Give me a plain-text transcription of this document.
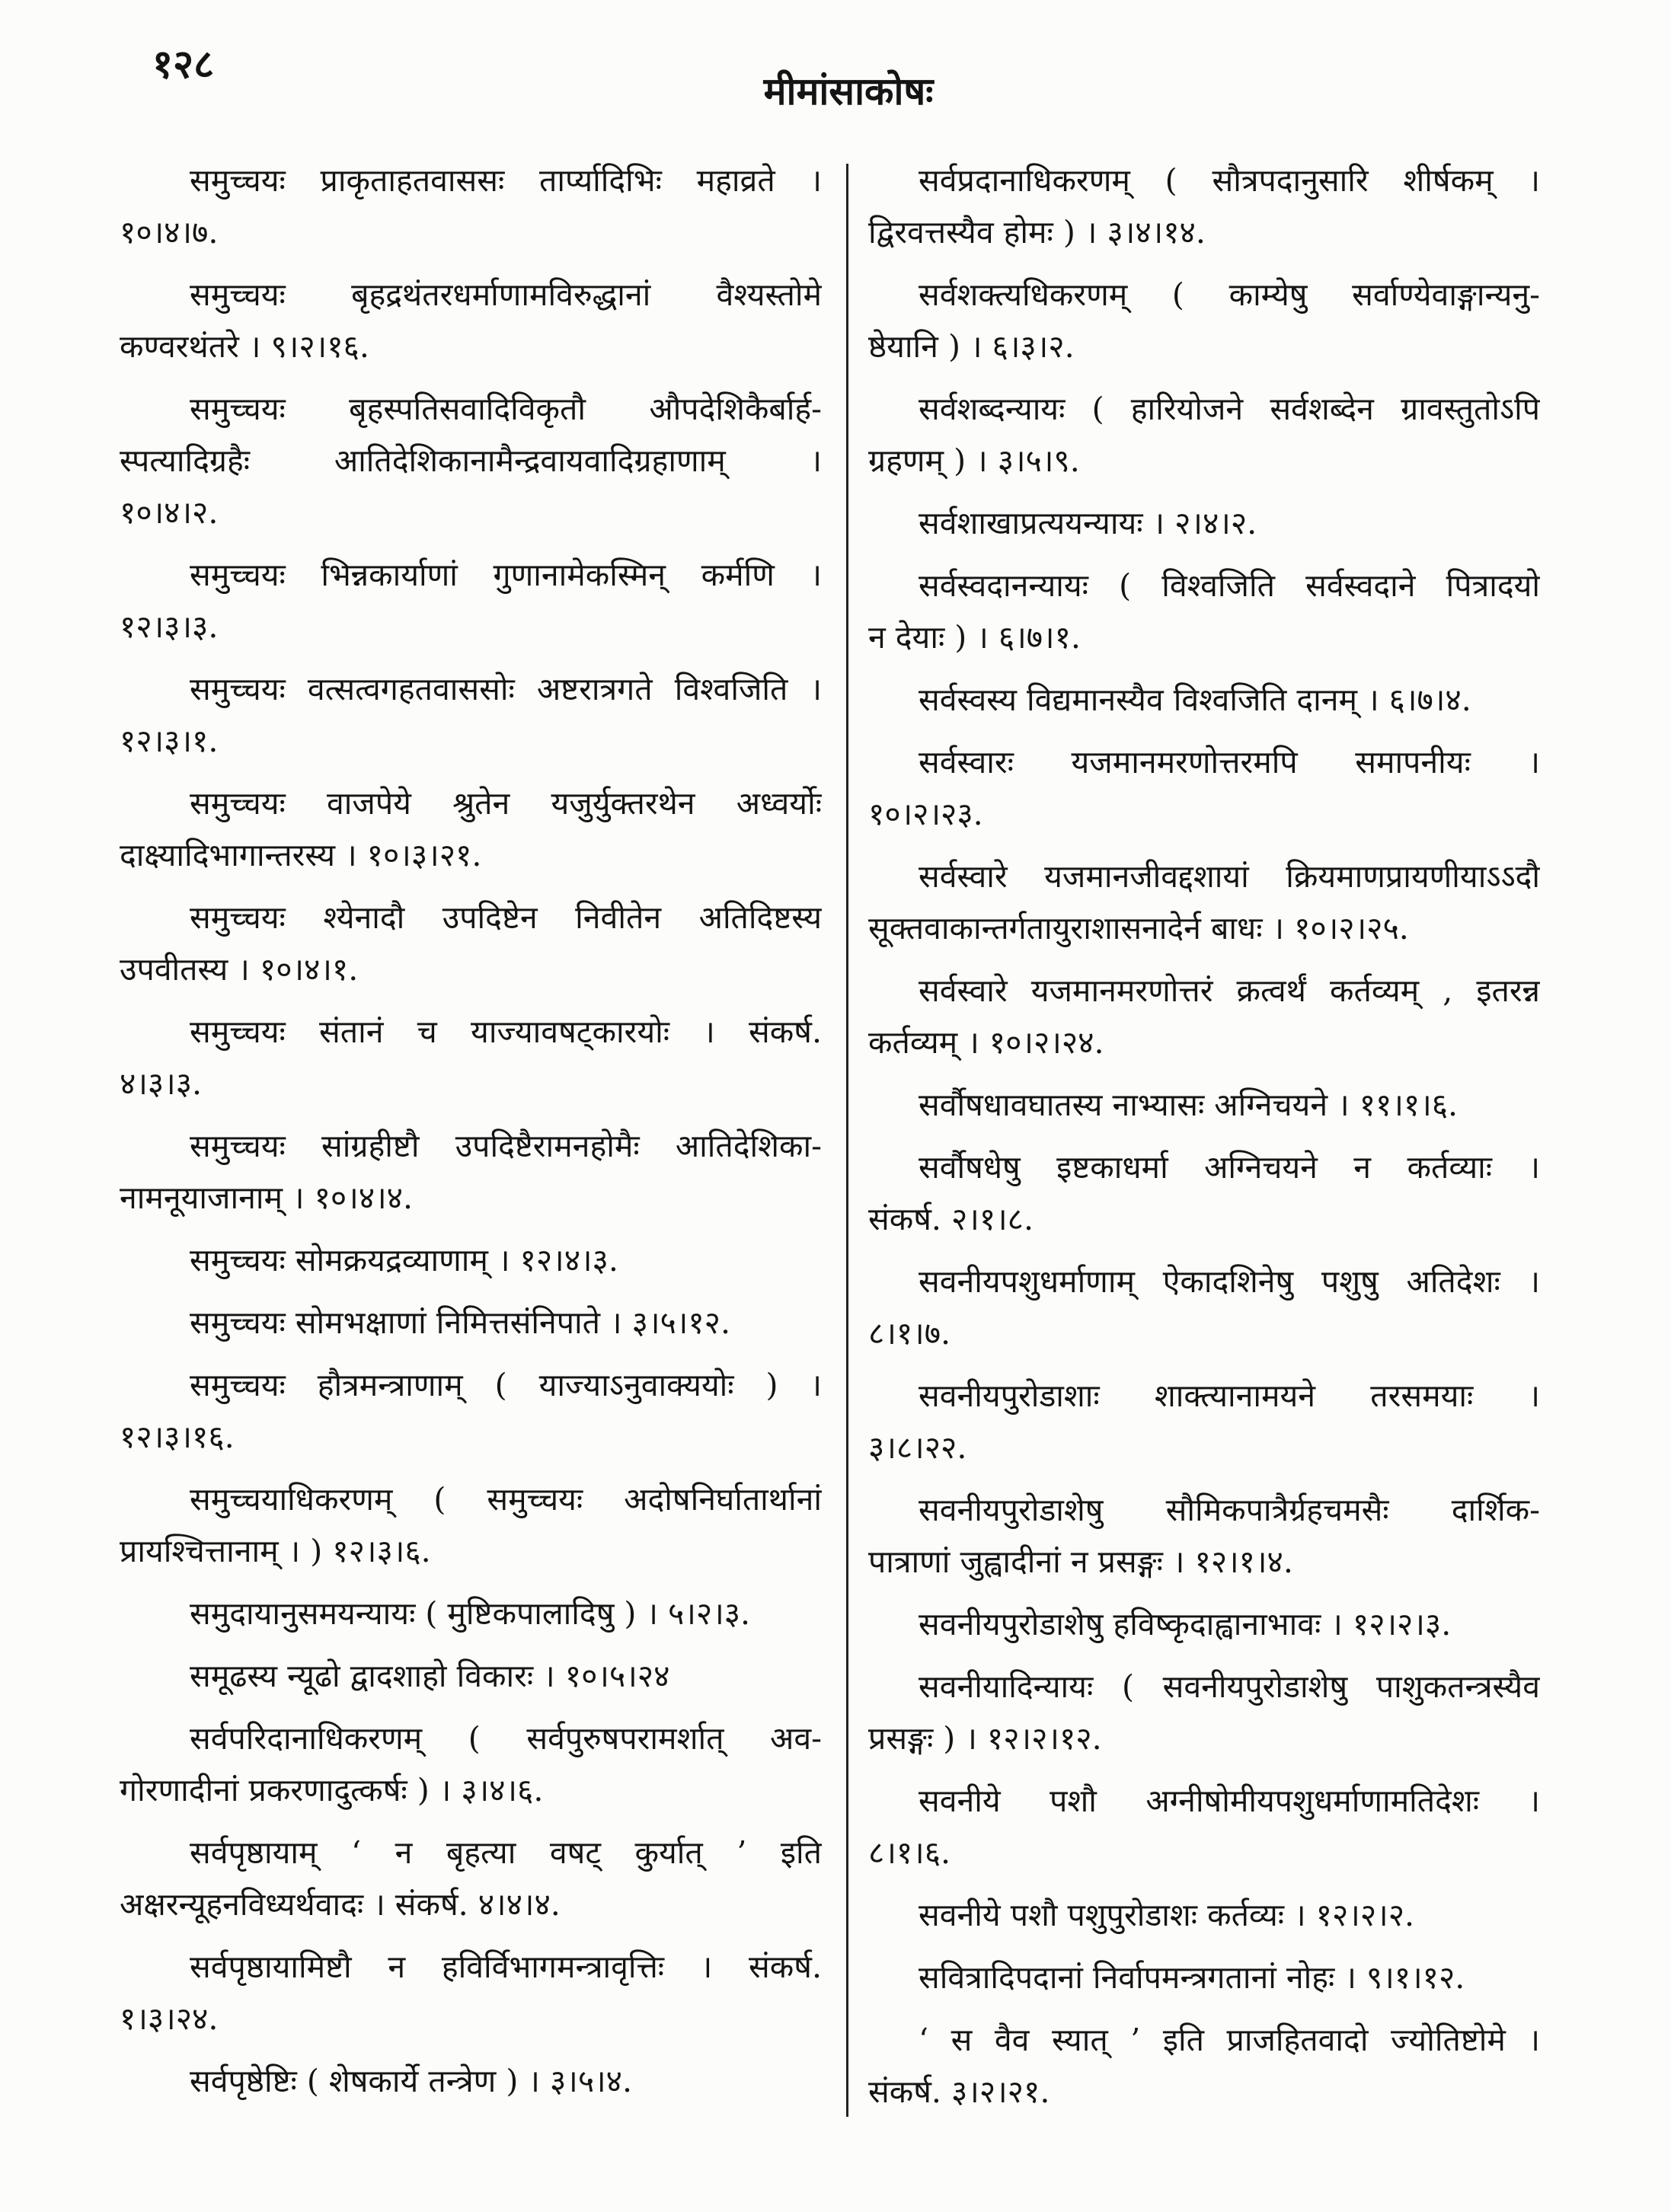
१२८
मीमांसाकोषः
समुच्चयः प्राकृताहतवाससः तार्प्यादिभिः महाव्रते ।
१०।४।७.
समुच्चयः बृहद्रथंतरधर्माणामविरुद्धानां वैश्यस्तोमे
कण्वरथंतरे । ९।२।१६.
समुच्चयः बृहस्पतिसवादिविकृतौ औपदेशिकैर्बार्ह-
स्पत्यादिग्रहैः आतिदेशिकानामैन्द्रवायवादिग्रहाणाम् ।
१०।४।२.
समुच्चयः भिन्नकार्याणां गुणानामेकस्मिन् कर्मणि ।
१२।३।३.
समुच्चयः वत्सत्वगहतवाससोः अष्टरात्रगते विश्वजिति ।
१२।३।१.
समुच्चयः वाजपेये श्रुतेन यजुर्युक्तरथेन अध्वर्योः
दाक्ष्यादिभागान्तरस्य । १०।३।२१.
समुच्चयः श्येनादौ उपदिष्टेन निवीतेन अतिदिष्टस्य
उपवीतस्य । १०।४।१.
समुच्चयः संतानं च याज्यावषट्कारयोः । संकर्ष.
४।३।३.
समुच्चयः सांग्रहीष्टौ उपदिष्टैरामनहोमैः आतिदेशिका-
नामनूयाजानाम् । १०।४।४.
समुच्चयः सोमक्रयद्रव्याणाम् । १२।४।३.
समुच्चयः सोमभक्षाणां निमित्तसंनिपाते । ३।५।१२.
समुच्चयः हौत्रमन्त्राणाम् ( याज्याऽनुवाक्ययोः ) ।
१२।३।१६.
समुच्चयाधिकरणम् ( समुच्चयः अदोषनिर्घातार्थानां
प्रायश्चित्तानाम् । ) १२।३।६.
समुदायानुसमयन्यायः ( मुष्टिकपालादिषु ) । ५।२।३.
समूढस्य न्यूढो द्वादशाहो विकारः । १०।५।२४
सर्वपरिदानाधिकरणम् ( सर्वपुरुषपरामर्शात् अव-
गोरणादीनां प्रकरणादुत्कर्षः ) । ३।४।६.
सर्वपृष्ठायाम् ‘ न बृहत्या वषट् कुर्यात् ’ इति
अक्षरन्यूहनविध्यर्थवादः । संकर्ष. ४।४।४.
सर्वपृष्ठायामिष्टौ न हविर्विभागमन्त्रावृत्तिः । संकर्ष.
१।३।२४.
सर्वपृष्ठेष्टिः ( शेषकार्ये तन्त्रेण ) । ३।५।४.
सर्वप्रदानाधिकरणम् ( सौत्रपदानुसारि शीर्षकम् ।
द्विरवत्तस्यैव होमः ) । ३।४।१४.
सर्वशक्त्यधिकरणम् ( काम्येषु सर्वाण्येवाङ्गान्यनु-
ष्ठेयानि ) । ६।३।२.
सर्वशब्दन्यायः ( हारियोजने सर्वशब्देन ग्रावस्तुतोऽपि
ग्रहणम् ) । ३।५।९.
सर्वशाखाप्रत्ययन्यायः । २।४।२.
सर्वस्वदानन्यायः ( विश्वजिति सर्वस्वदाने पित्रादयो
न देयाः ) । ६।७।१.
सर्वस्वस्य विद्यमानस्यैव विश्वजिति दानम् । ६।७।४.
सर्वस्वारः यजमानमरणोत्तरमपि समापनीयः ।
१०।२।२३.
सर्वस्वारे यजमानजीवद्दशायां क्रियमाणप्रायणीयाऽऽदौ
सूक्तवाकान्तर्गतायुराशासनादेर्न बाधः । १०।२।२५.
सर्वस्वारे यजमानमरणोत्तरं क्रत्वर्थं कर्तव्यम् , इतरन्न
कर्तव्यम् । १०।२।२४.
सर्वौषधावघातस्य नाभ्यासः अग्निचयने । ११।१।६.
सर्वौषधेषु इष्टकाधर्मा अग्निचयने न कर्तव्याः ।
संकर्ष. २।१।८.
सवनीयपशुधर्माणाम् ऐकादशिनेषु पशुषु अतिदेशः ।
८।१।७.
सवनीयपुरोडाशाः शाक्त्यानामयने तरसमयाः ।
३।८।२२.
सवनीयपुरोडाशेषु सौमिकपात्रैर्ग्रहचमसैः दार्शिक-
पात्राणां जुह्वादीनां न प्रसङ्गः । १२।१।४.
सवनीयपुरोडाशेषु हविष्कृदाह्वानाभावः । १२।२।३.
सवनीयादिन्यायः ( सवनीयपुरोडाशेषु पाशुकतन्त्रस्यैव
प्रसङ्गः ) । १२।२।१२.
सवनीये पशौ अग्नीषोमीयपशुधर्माणामतिदेशः ।
८।१।६.
सवनीये पशौ पशुपुरोडाशः कर्तव्यः । १२।२।२.
सवित्रादिपदानां निर्वापमन्त्रगतानां नोहः । ९।१।१२.
‘ स वैव स्यात् ’ इति प्राजहितवादो ज्योतिष्टोमे ।
संकर्ष. ३।२।२१.
